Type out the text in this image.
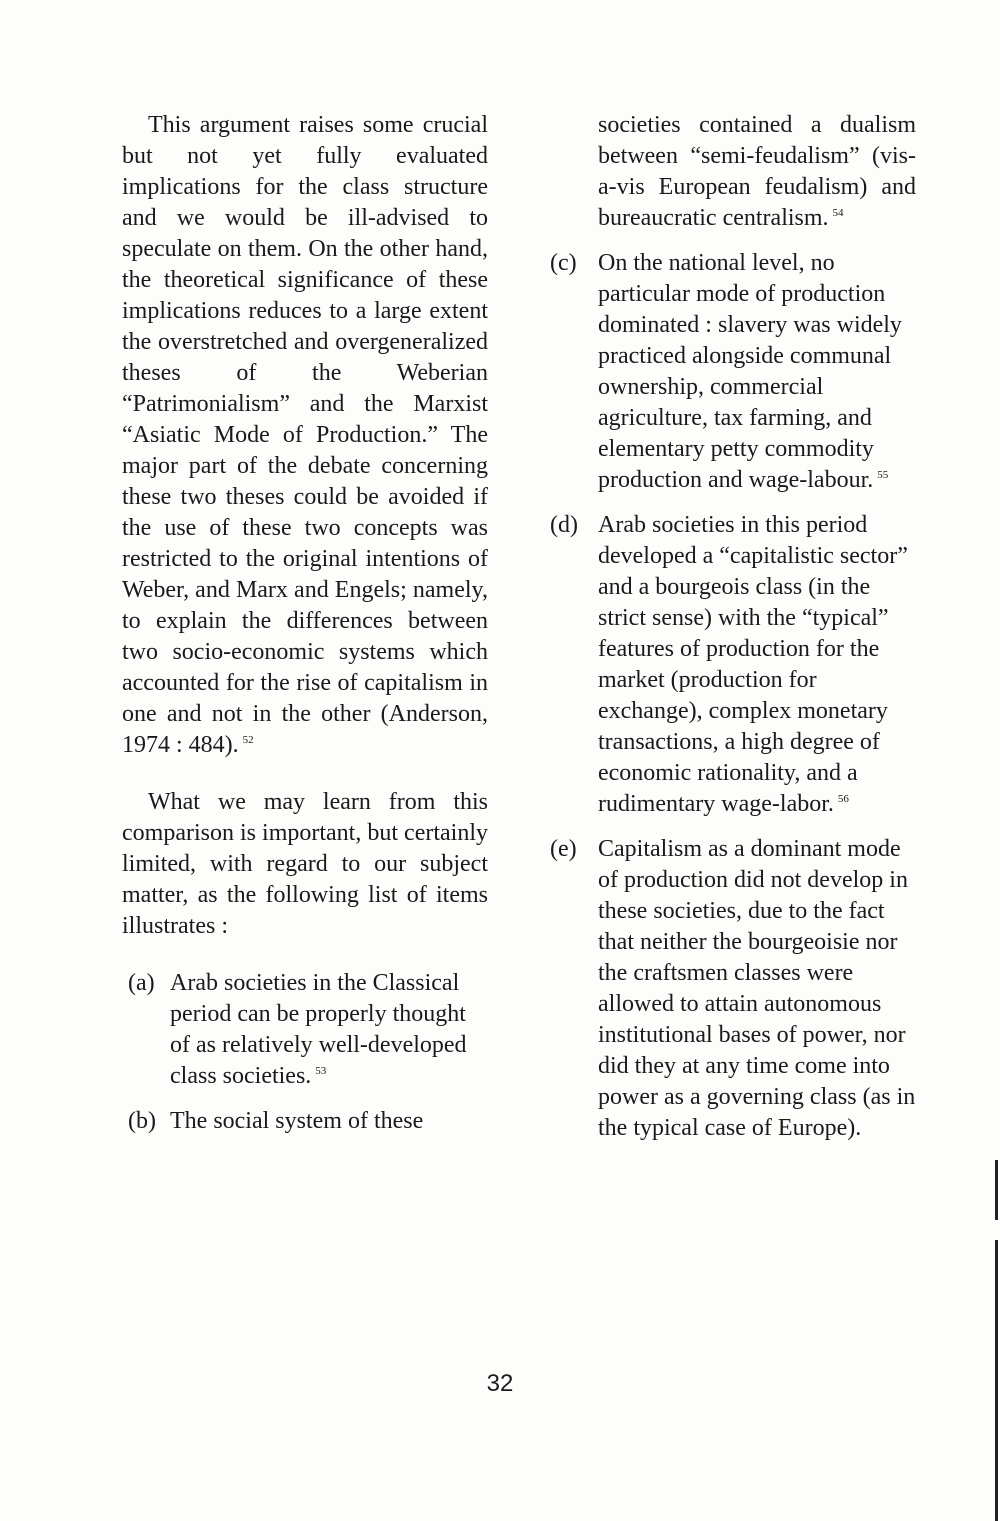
This argument raises some crucial but not yet fully evaluated implications for the class structure and we would be ill-advised to speculate on them. On the other hand, the theoretical significance of these implications reduces to a large extent the overstretched and overgeneralized theses of the Weberian “Patrimonialism” and the Marxist “Asiatic Mode of Production.” The major part of the debate concerning these two theses could be avoided if the use of these two concepts was restricted to the original intentions of Weber, and Marx and Engels; namely, to explain the differences between two socio-economic systems which accounted for the rise of capitalism in one and not in the other (Anderson, 1974 : 484). $^{52}$

What we may learn from this comparison is important, but certainly limited, with regard to our subject matter, as the following list of items illustrates :

(a) Arab societies in the Classical period can be properly thought of as relatively well-developed class societies. $^{53}$
(b) The social system of these
societies contained a dualism between “semi-feudalism” (vis-a-vis European feudalism) and bureaucratic centralism. $^{54}$
(c) On the national level, no particular mode of production dominated : slavery was widely practiced alongside communal ownership, commercial agriculture, tax farming, and elementary petty commodity production and wage-labour. $^{55}$
(d) Arab societies in this period developed a “capitalistic sector” and a bourgeois class (in the strict sense) with the “typical” features of production for the market (production for exchange), complex monetary transactions, a high degree of economic rationality, and a rudimentary wage-labor. $^{56}$
(e) Capitalism as a dominant mode of production did not develop in these societies, due to the fact that neither the bourgeoisie nor the craftsmen classes were allowed to attain autonomous institutional bases of power, nor did they at any time come into power as a governing class (as in the typical case of Europe).
32
